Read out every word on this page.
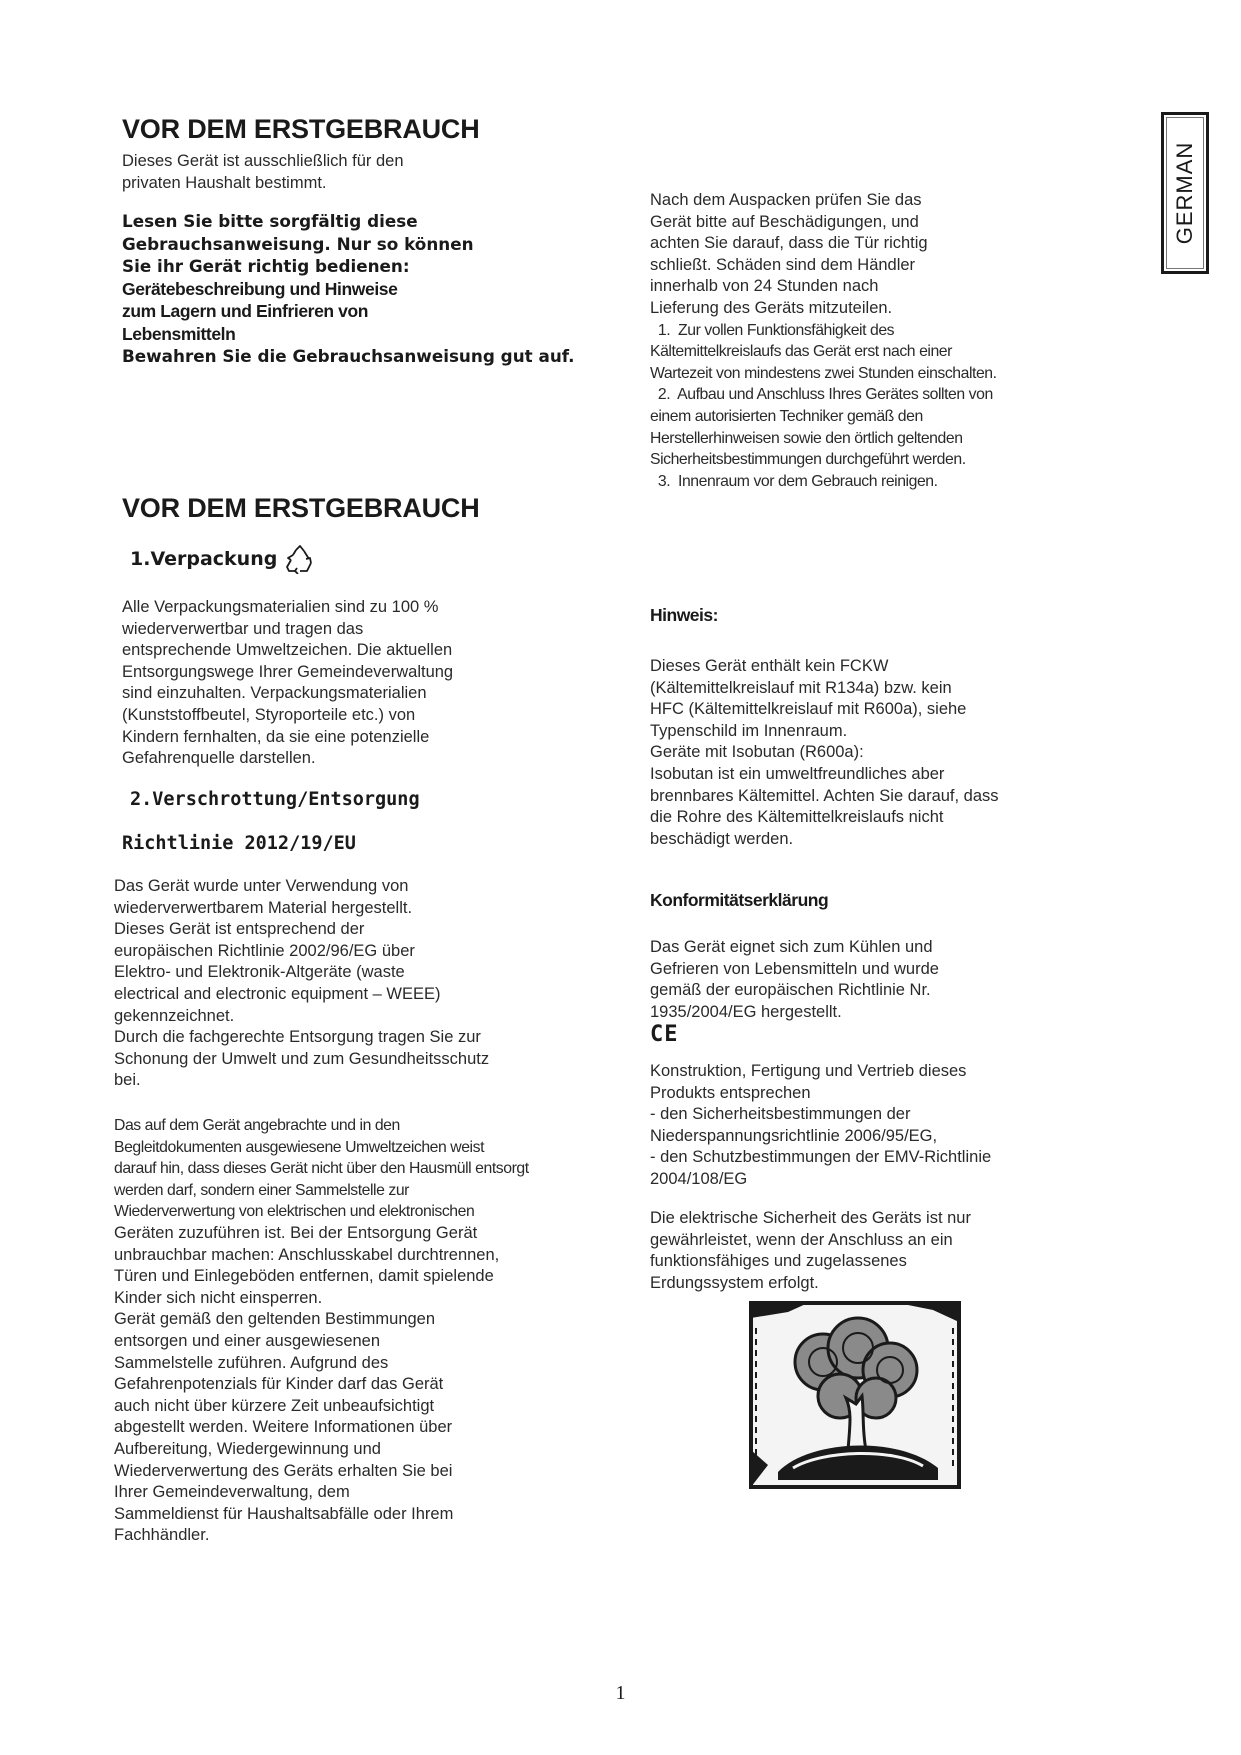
GERMAN
VOR DEM ERSTGEBRAUCH
Dieses Gerät ist ausschließlich für den
privaten Haushalt bestimmt.
Lesen Sie bitte sorgfältig diese
Gebrauchsanweisung. Nur so können
Sie ihr Gerät richtig bedienen:
Gerätebeschreibung und Hinweise
zum Lagern und Einfrieren von
Lebensmitteln
Bewahren Sie die Gebrauchsanweisung gut auf.
VOR DEM ERSTGEBRAUCH
1.Verpackung
Alle Verpackungsmaterialien sind zu 100 %
wiederverwertbar und tragen das
entsprechende Umweltzeichen. Die aktuellen
Entsorgungswege Ihrer Gemeindeverwaltung
sind einzuhalten. Verpackungsmaterialien
(Kunststoffbeutel, Styroporteile etc.) von
Kindern fernhalten, da sie eine potenzielle
Gefahrenquelle darstellen.
2.Verschrottung/Entsorgung
Richtlinie 2012/19/EU
Das Gerät wurde unter Verwendung von
wiederverwertbarem Material hergestellt.
Dieses Gerät ist entsprechend der
europäischen Richtlinie 2002/96/EG über
Elektro- und Elektronik-Altgeräte (waste
electrical and electronic equipment – WEEE)
gekennzeichnet.
Durch die fachgerechte Entsorgung tragen Sie zur
Schonung der Umwelt und zum Gesundheitsschutz
bei.
Das auf dem Gerät angebrachte und in den
Begleitdokumenten ausgewiesene Umweltzeichen weist
darauf hin, dass dieses Gerät nicht über den Hausmüll entsorgt
werden darf, sondern einer Sammelstelle zur
Wiederverwertung von elektrischen und elektronischen
Geräten zuzuführen ist. Bei der Entsorgung Gerät
unbrauchbar machen: Anschlusskabel durchtrennen,
Türen und Einlegeböden entfernen, damit spielende
Kinder sich nicht einsperren.
Gerät gemäß den geltenden Bestimmungen
entsorgen und einer ausgewiesenen
Sammelstelle zuführen. Aufgrund des
Gefahrenpotenzials für Kinder darf das Gerät
auch nicht über kürzere Zeit unbeaufsichtigt
abgestellt werden. Weitere Informationen über
Aufbereitung, Wiedergewinnung und
Wiederverwertung des Geräts erhalten Sie bei
Ihrer Gemeindeverwaltung, dem
Sammeldienst für Haushaltsabfälle oder Ihrem
Fachhändler.
Nach dem Auspacken prüfen Sie das
Gerät bitte auf Beschädigungen, und
achten Sie darauf, dass die Tür richtig
schließt. Schäden sind dem Händler
innerhalb von 24 Stunden nach
Lieferung des Geräts mitzuteilen.
1.  Zur vollen Funktionsfähigkeit des
Kältemittelkreislaufs das Gerät erst nach einer
Wartezeit von mindestens zwei Stunden einschalten.
2.  Aufbau und Anschluss Ihres Gerätes sollten von
einem autorisierten Techniker gemäß den
Herstellerhinweisen sowie den örtlich geltenden
Sicherheitsbestimmungen durchgeführt werden.
3.  Innenraum vor dem Gebrauch reinigen.
Hinweis:
Dieses Gerät enthält kein FCKW
(Kältemittelkreislauf mit R134a) bzw. kein
HFC (Kältemittelkreislauf mit R600a), siehe
Typenschild im Innenraum.
Geräte mit Isobutan (R600a):
Isobutan ist ein umweltfreundliches aber
brennbares Kältemittel. Achten Sie darauf, dass
die Rohre des Kältemittelkreislaufs nicht
beschädigt werden.
Konformitätserklärung
Das Gerät eignet sich zum Kühlen und
Gefrieren von Lebensmitteln und wurde
gemäß der europäischen Richtlinie Nr.
1935/2004/EG hergestellt.
CE
Konstruktion, Fertigung und Vertrieb dieses
Produkts entsprechen
- den Sicherheitsbestimmungen der
Niederspannungsrichtlinie 2006/95/EG,
- den Schutzbestimmungen der EMV-Richtlinie
2004/108/EG
Die elektrische Sicherheit des Geräts ist nur
gewährleistet, wenn der Anschluss an ein
funktionsfähiges und zugelassenes
Erdungssystem erfolgt.
1
